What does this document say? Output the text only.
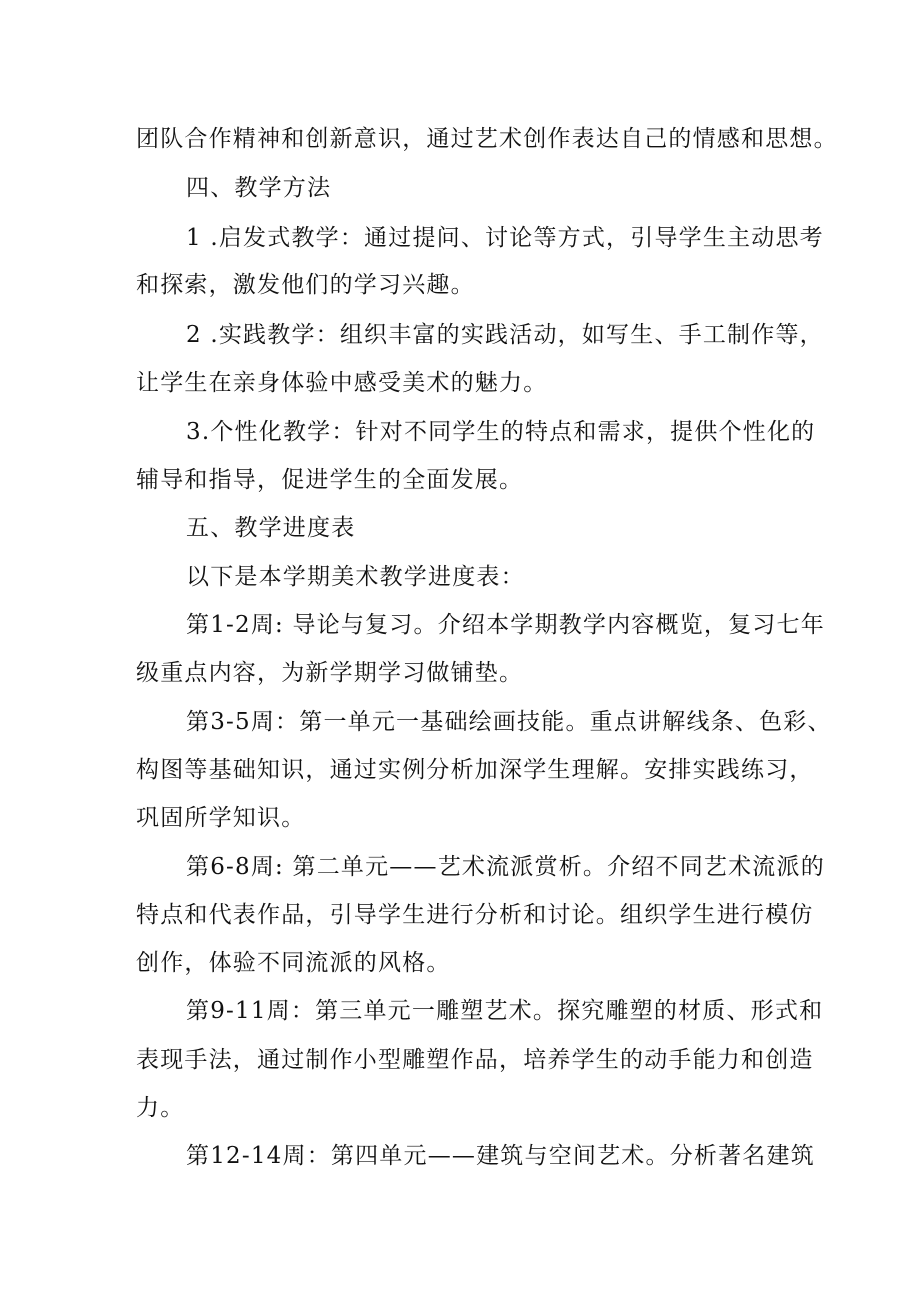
团队合作精神和创新意识，通过艺术创作表达自己的情感和思想。
四、教学方法
1 .启发式教学：通过提问、讨论等方式，引导学生主动思考
和探索，激发他们的学习兴趣。
2 .实践教学：组织丰富的实践活动，如写生、手工制作等，
让学生在亲身体验中感受美术的魅力。
3.个性化教学：针对不同学生的特点和需求，提供个性化的
辅导和指导，促进学生的全面发展。
五、教学进度表
以下是本学期美术教学进度表：
第1-2周: 导论与复习。介绍本学期教学内容概览，复习七年
级重点内容，为新学期学习做铺垫。
第3-5周：第一单元一基础绘画技能。重点讲解线条、色彩、
构图等基础知识，通过实例分析加深学生理解。安排实践练习，
巩固所学知识。
第6-8周: 第二单元——艺术流派赏析。介绍不同艺术流派的
特点和代表作品，引导学生进行分析和讨论。组织学生进行模仿
创作，体验不同流派的风格。
第9-11周：第三单元一雕塑艺术。探究雕塑的材质、形式和
表现手法，通过制作小型雕塑作品，培养学生的动手能力和创造
力。
第12-14周：第四单元——建筑与空间艺术。分析著名建筑
